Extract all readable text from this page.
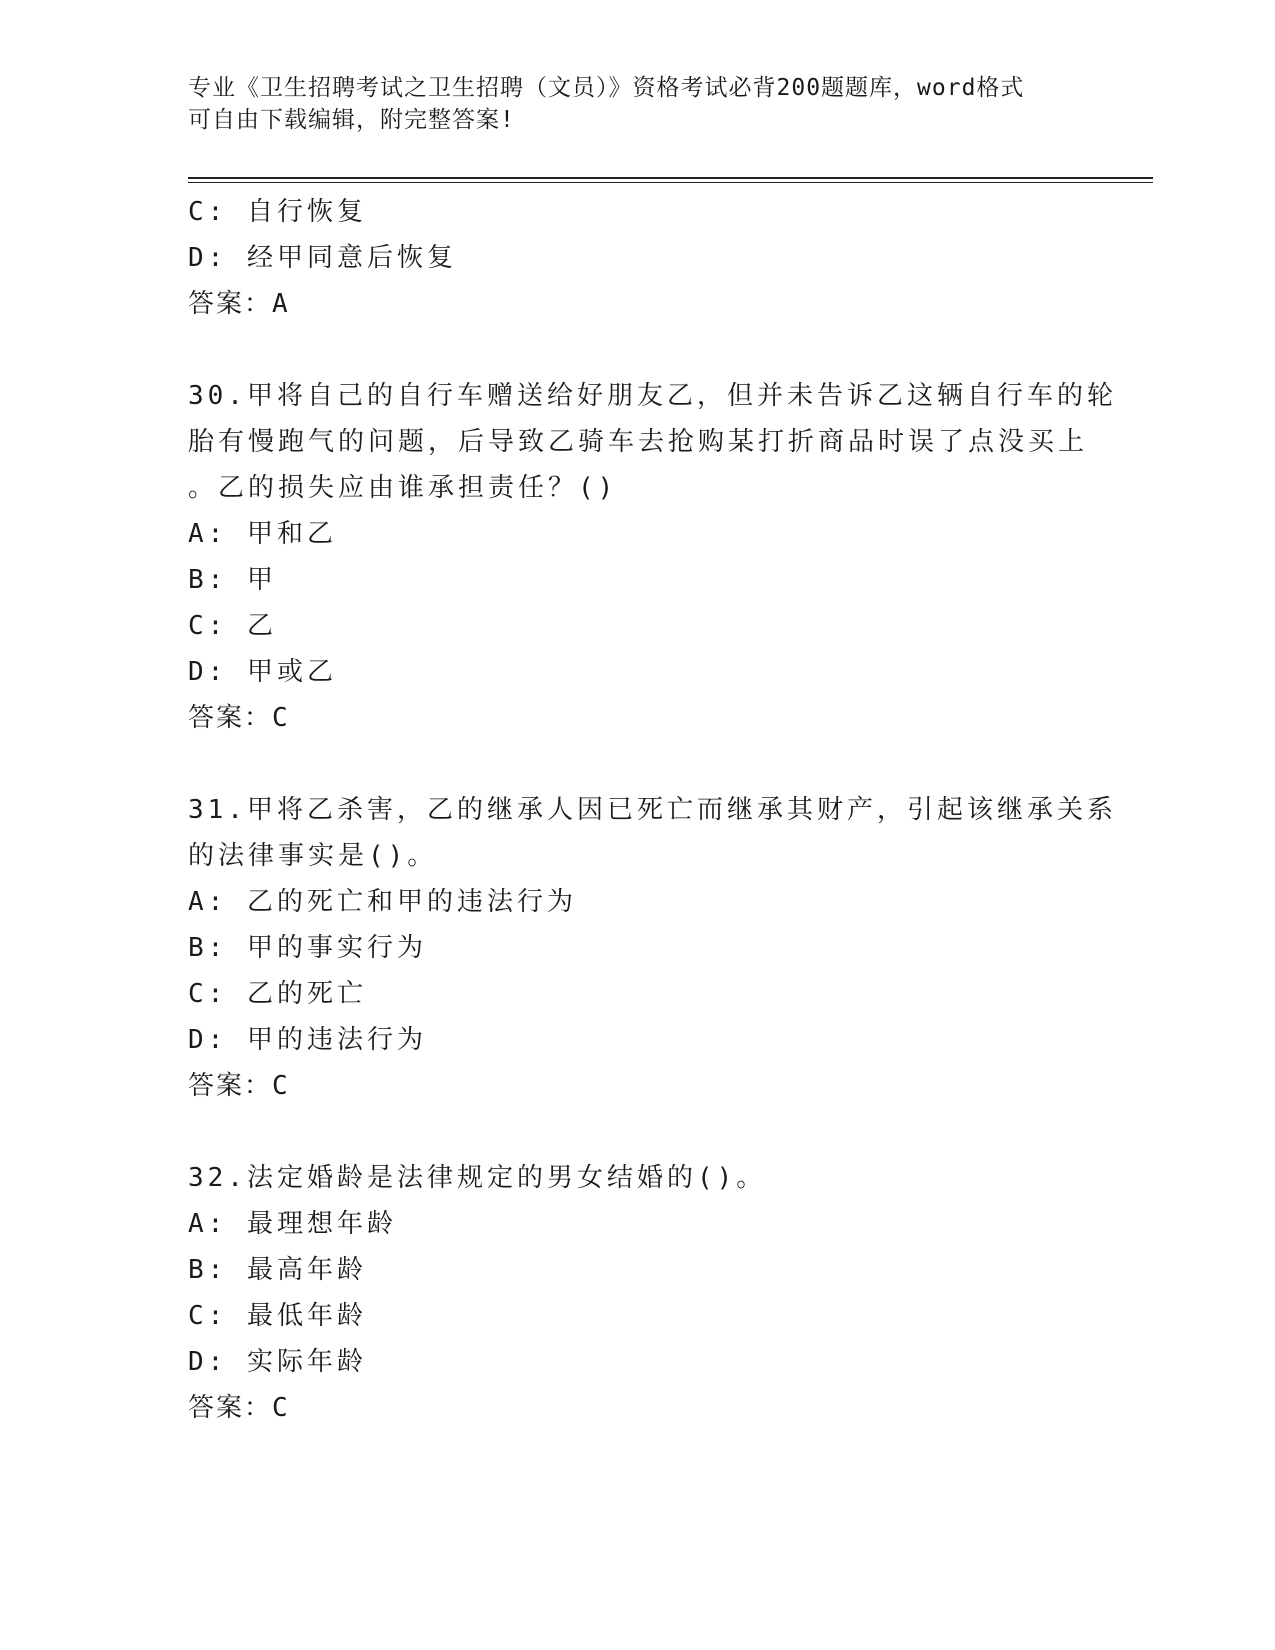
专业《卫生招聘考试之卫生招聘（文员）》资格考试必背200题题库，word格式
可自由下载编辑，附完整答案!
C: 自行恢复
D: 经甲同意后恢复
答案：A
30.甲将自己的自行车赠送给好朋友乙，但并未告诉乙这辆自行车的轮
胎有慢跑气的问题，后导致乙骑车去抢购某打折商品时误了点没买上
。乙的损失应由谁承担责任？()
A: 甲和乙
B: 甲
C: 乙
D: 甲或乙
答案：C
31.甲将乙杀害，乙的继承人因已死亡而继承其财产，引起该继承关系
的法律事实是()。
A: 乙的死亡和甲的违法行为
B: 甲的事实行为
C: 乙的死亡
D: 甲的违法行为
答案：C
32.法定婚龄是法律规定的男女结婚的()。
A: 最理想年龄
B: 最高年龄
C: 最低年龄
D: 实际年龄
答案：C
